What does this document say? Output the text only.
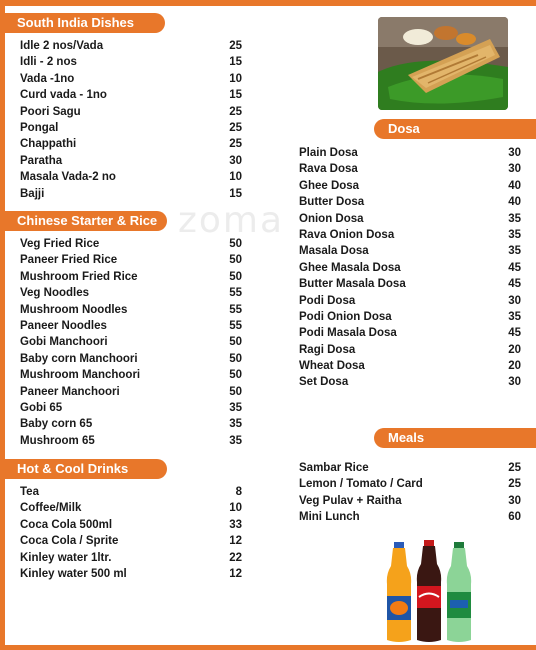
zoma
South India Dishes
Idle 2 nos/Vada	25
Idli - 2 nos	15
Vada -1no	10
Curd vada - 1no	15
Poori Sagu	25
Pongal	25
Chappathi	25
Paratha	30
Masala Vada-2 no	10
Bajji	15
Chinese Starter & Rice
Veg Fried Rice	50
Paneer Fried Rice	50
Mushroom Fried Rice	50
Veg Noodles	55
Mushroom Noodles	55
Paneer Noodles	55
Gobi Manchoori	50
Baby corn Manchoori	50
Mushroom Manchoori	50
Paneer Manchoori	50
Gobi 65	35
Baby corn 65	35
Mushroom 65	35
Hot & Cool Drinks
Tea	8
Coffee/Milk	10
Coca Cola 500ml	33
Coca Cola / Sprite	12
Kinley water 1ltr.	22
Kinley water 500 ml	12
Dosa
Plain Dosa	30
Rava Dosa	30
Ghee Dosa	40
Butter Dosa	40
Onion Dosa	35
Rava Onion Dosa	35
Masala Dosa	35
Ghee Masala Dosa	45
Butter Masala Dosa	45
Podi Dosa	30
Podi Onion Dosa	35
Podi Masala Dosa	45
Ragi Dosa	20
Wheat Dosa	20
Set Dosa	30
Meals
Sambar Rice	25
Lemon / Tomato / Card	25
Veg Pulav + Raitha	30
Mini Lunch	60
